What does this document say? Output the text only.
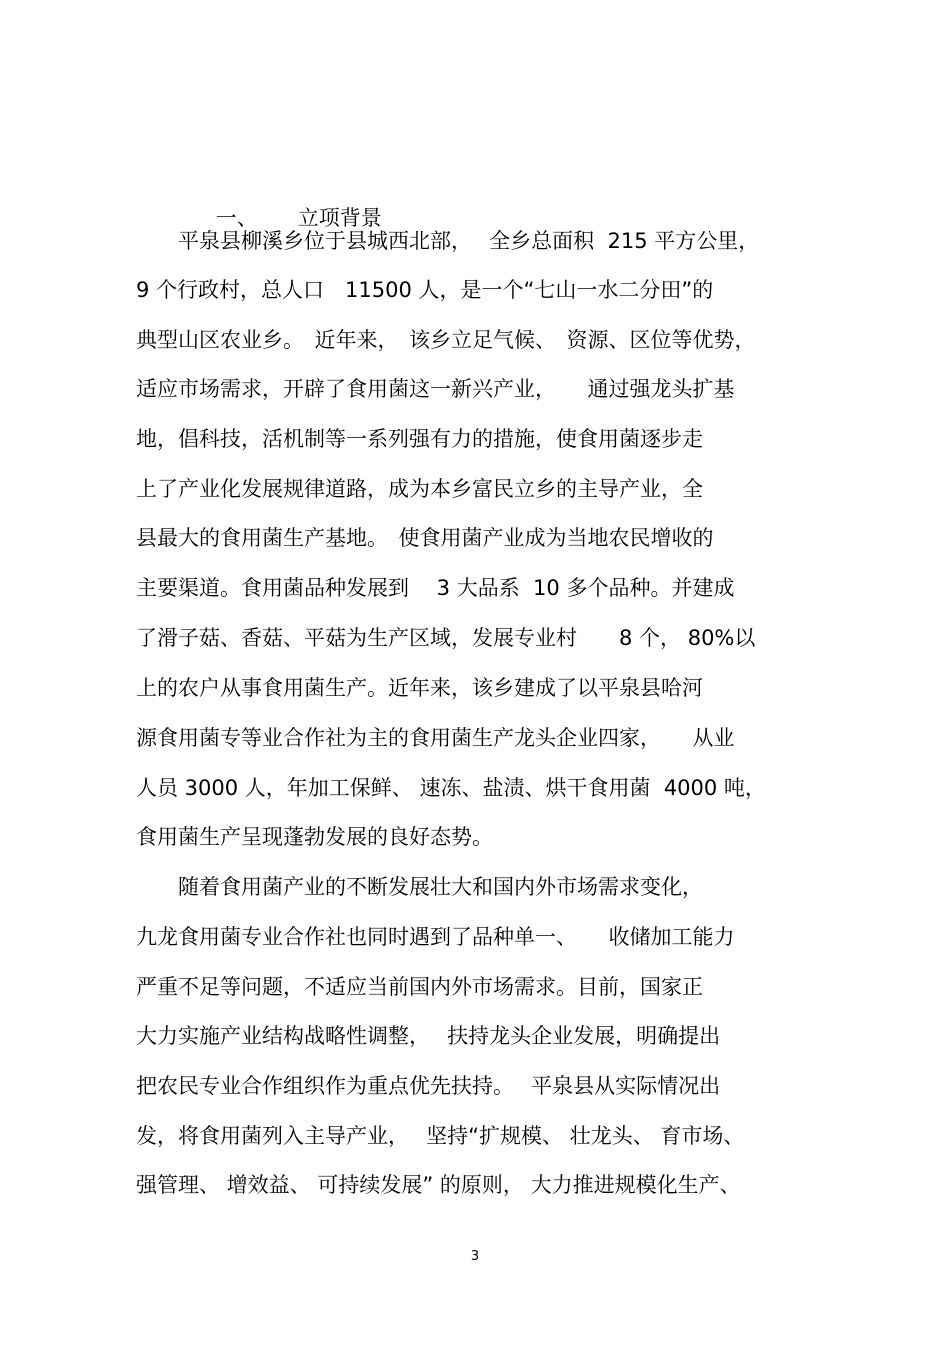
一、 立项背景

　　平泉县柳溪乡位于县城西北部，　 全乡总面积  215 平方公里，
9 个行政村，总人口　11500 人，是一个“七山一水二分田”的
典型山区农业乡。　近年来，　该乡立足气候、　资源、区位等优势，
适应市场需求，开辟了食用菌这一新兴产业，　　通过强龙头扩基
地，倡科技，活机制等一系列强有力的措施，使食用菌逐步走
上了产业化发展规律道路，成为本乡富民立乡的主导产业，全
县最大的食用菌生产基地。　使食用菌产业成为当地农民增收的
主要渠道。食用菌品种发展到　 3 大品系  10 多个品种。并建成
了滑子菇、香菇、平菇为生产区域，发展专业村　　8 个， 80%以
上的农户从事食用菌生产。近年来，该乡建成了以平泉县哈河
源食用菌专等业合作社为主的食用菌生产龙头企业四家，　　从业
人员 3000 人，年加工保鲜、 速冻、盐渍、烘干食用菌  4000 吨，
食用菌生产呈现蓬勃发展的良好态势。
　　随着食用菌产业的不断发展壮大和国内外市场需求变化，
九龙食用菌专业合作社也同时遇到了品种单一、　　收储加工能力
严重不足等问题，不适应当前国内外市场需求。目前，国家正
大力实施产业结构战略性调整，　 扶持龙头企业发展，明确提出
把农民专业合作组织作为重点优先扶持。　 平泉县从实际情况出
发，将食用菌列入主导产业，　 坚持“扩规模、 壮龙头、 育市场、
强管理、 增效益、 可持续发展” 的原则， 大力推进规模化生产、
3
